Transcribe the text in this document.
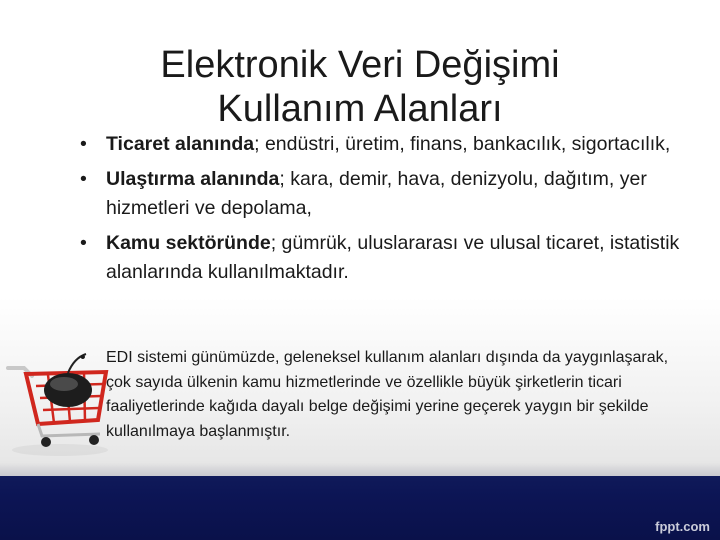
Elektronik Veri Değişimi
Kullanım Alanları
• Ticaret alanında; endüstri, üretim, finans, bankacılık, sigortacılık,
• Ulaştırma alanında; kara, demir, hava, denizyolu, dağıtım, yer hizmetleri ve depolama,
• Kamu sektöründe; gümrük, uluslararası ve ulusal ticaret, istatistik alanlarında kullanılmaktadır.
• EDI sistemi günümüzde, geleneksel kullanım alanları dışında da yaygınlaşarak, çok sayıda ülkenin kamu hizmetlerinde ve özellikle büyük şirketlerin ticari faaliyetlerinde kağıda dayalı belge değişimi yerine geçerek yaygın bir şekilde kullanılmaya başlanmıştır.
fppt.com
